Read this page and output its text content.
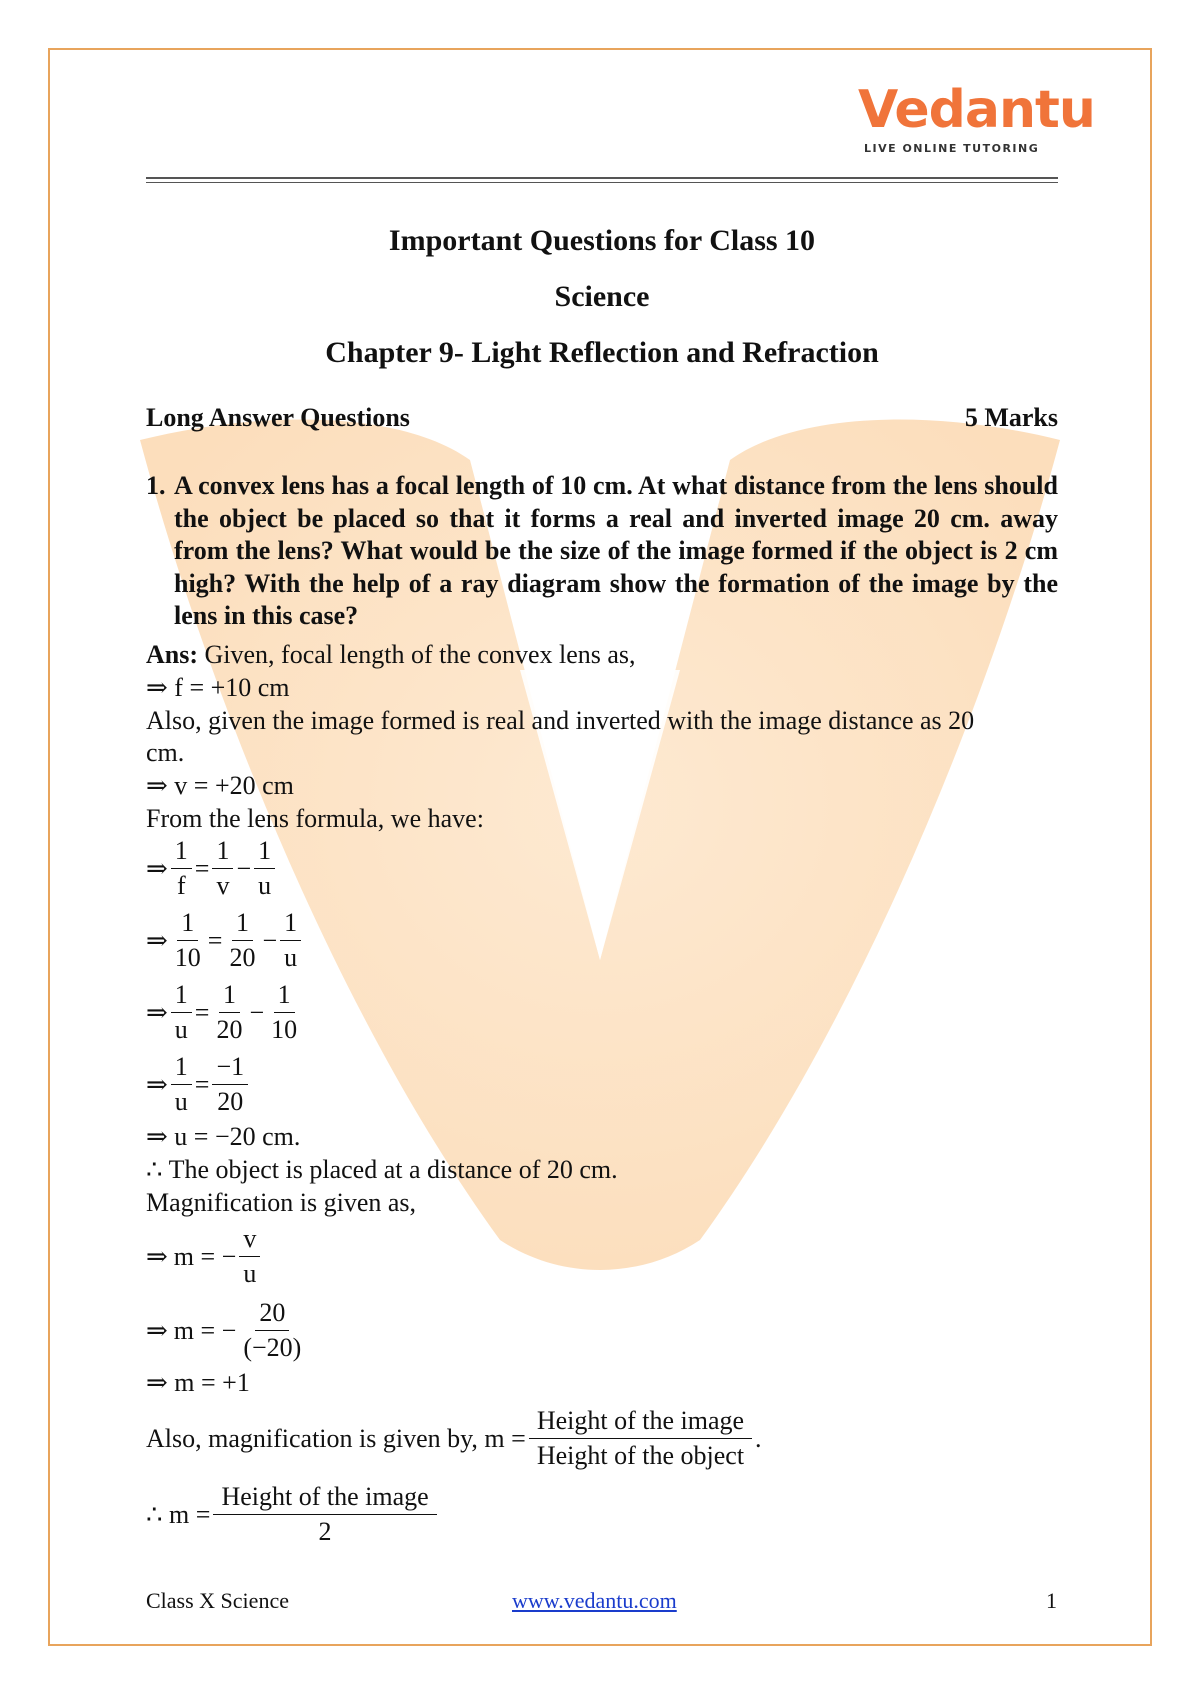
Vedantu
LIVE ONLINE TUTORING
Important Questions for Class 10
Science
Chapter 9- Light Reflection and Refraction
Long Answer Questions	5 Marks
1. A convex lens has a focal length of 10 cm. At what distance from the lens should the object be placed so that it forms a real and inverted image 20 cm. away from the lens? What would be the size of the image formed if the object is 2 cm high? With the help of a ray diagram show the formation of the image by the lens in this case?
Ans: Given, focal length of the convex lens as,
⇒ f = +10 cm
Also, given the image formed is real and inverted with the image distance as 20
cm.
⇒ v = +20 cm
From the lens formula, we have:
⇒ $\frac{1}{f} = \frac{1}{v} - \frac{1}{u}$
⇒ $\frac{1}{10} = \frac{1}{20} - \frac{1}{u}$
⇒ $\frac{1}{u} = \frac{1}{20} - \frac{1}{10}$
⇒ $\frac{1}{u} = \frac{-1}{20}$
⇒ u = −20 cm.
∴ The object is placed at a distance of 20 cm.
Magnification is given as,
⇒ m = − $\frac{v}{u}$
⇒ m = − $\frac{20}{(-20)}$
⇒ m = +1
Also, magnification is given by, $m = \frac{\text{Height of the image}}{\text{Height of the object}}$ .
∴ $m = \frac{\text{Height of the image}}{2}$
Class X Science	www.vedantu.com	1
